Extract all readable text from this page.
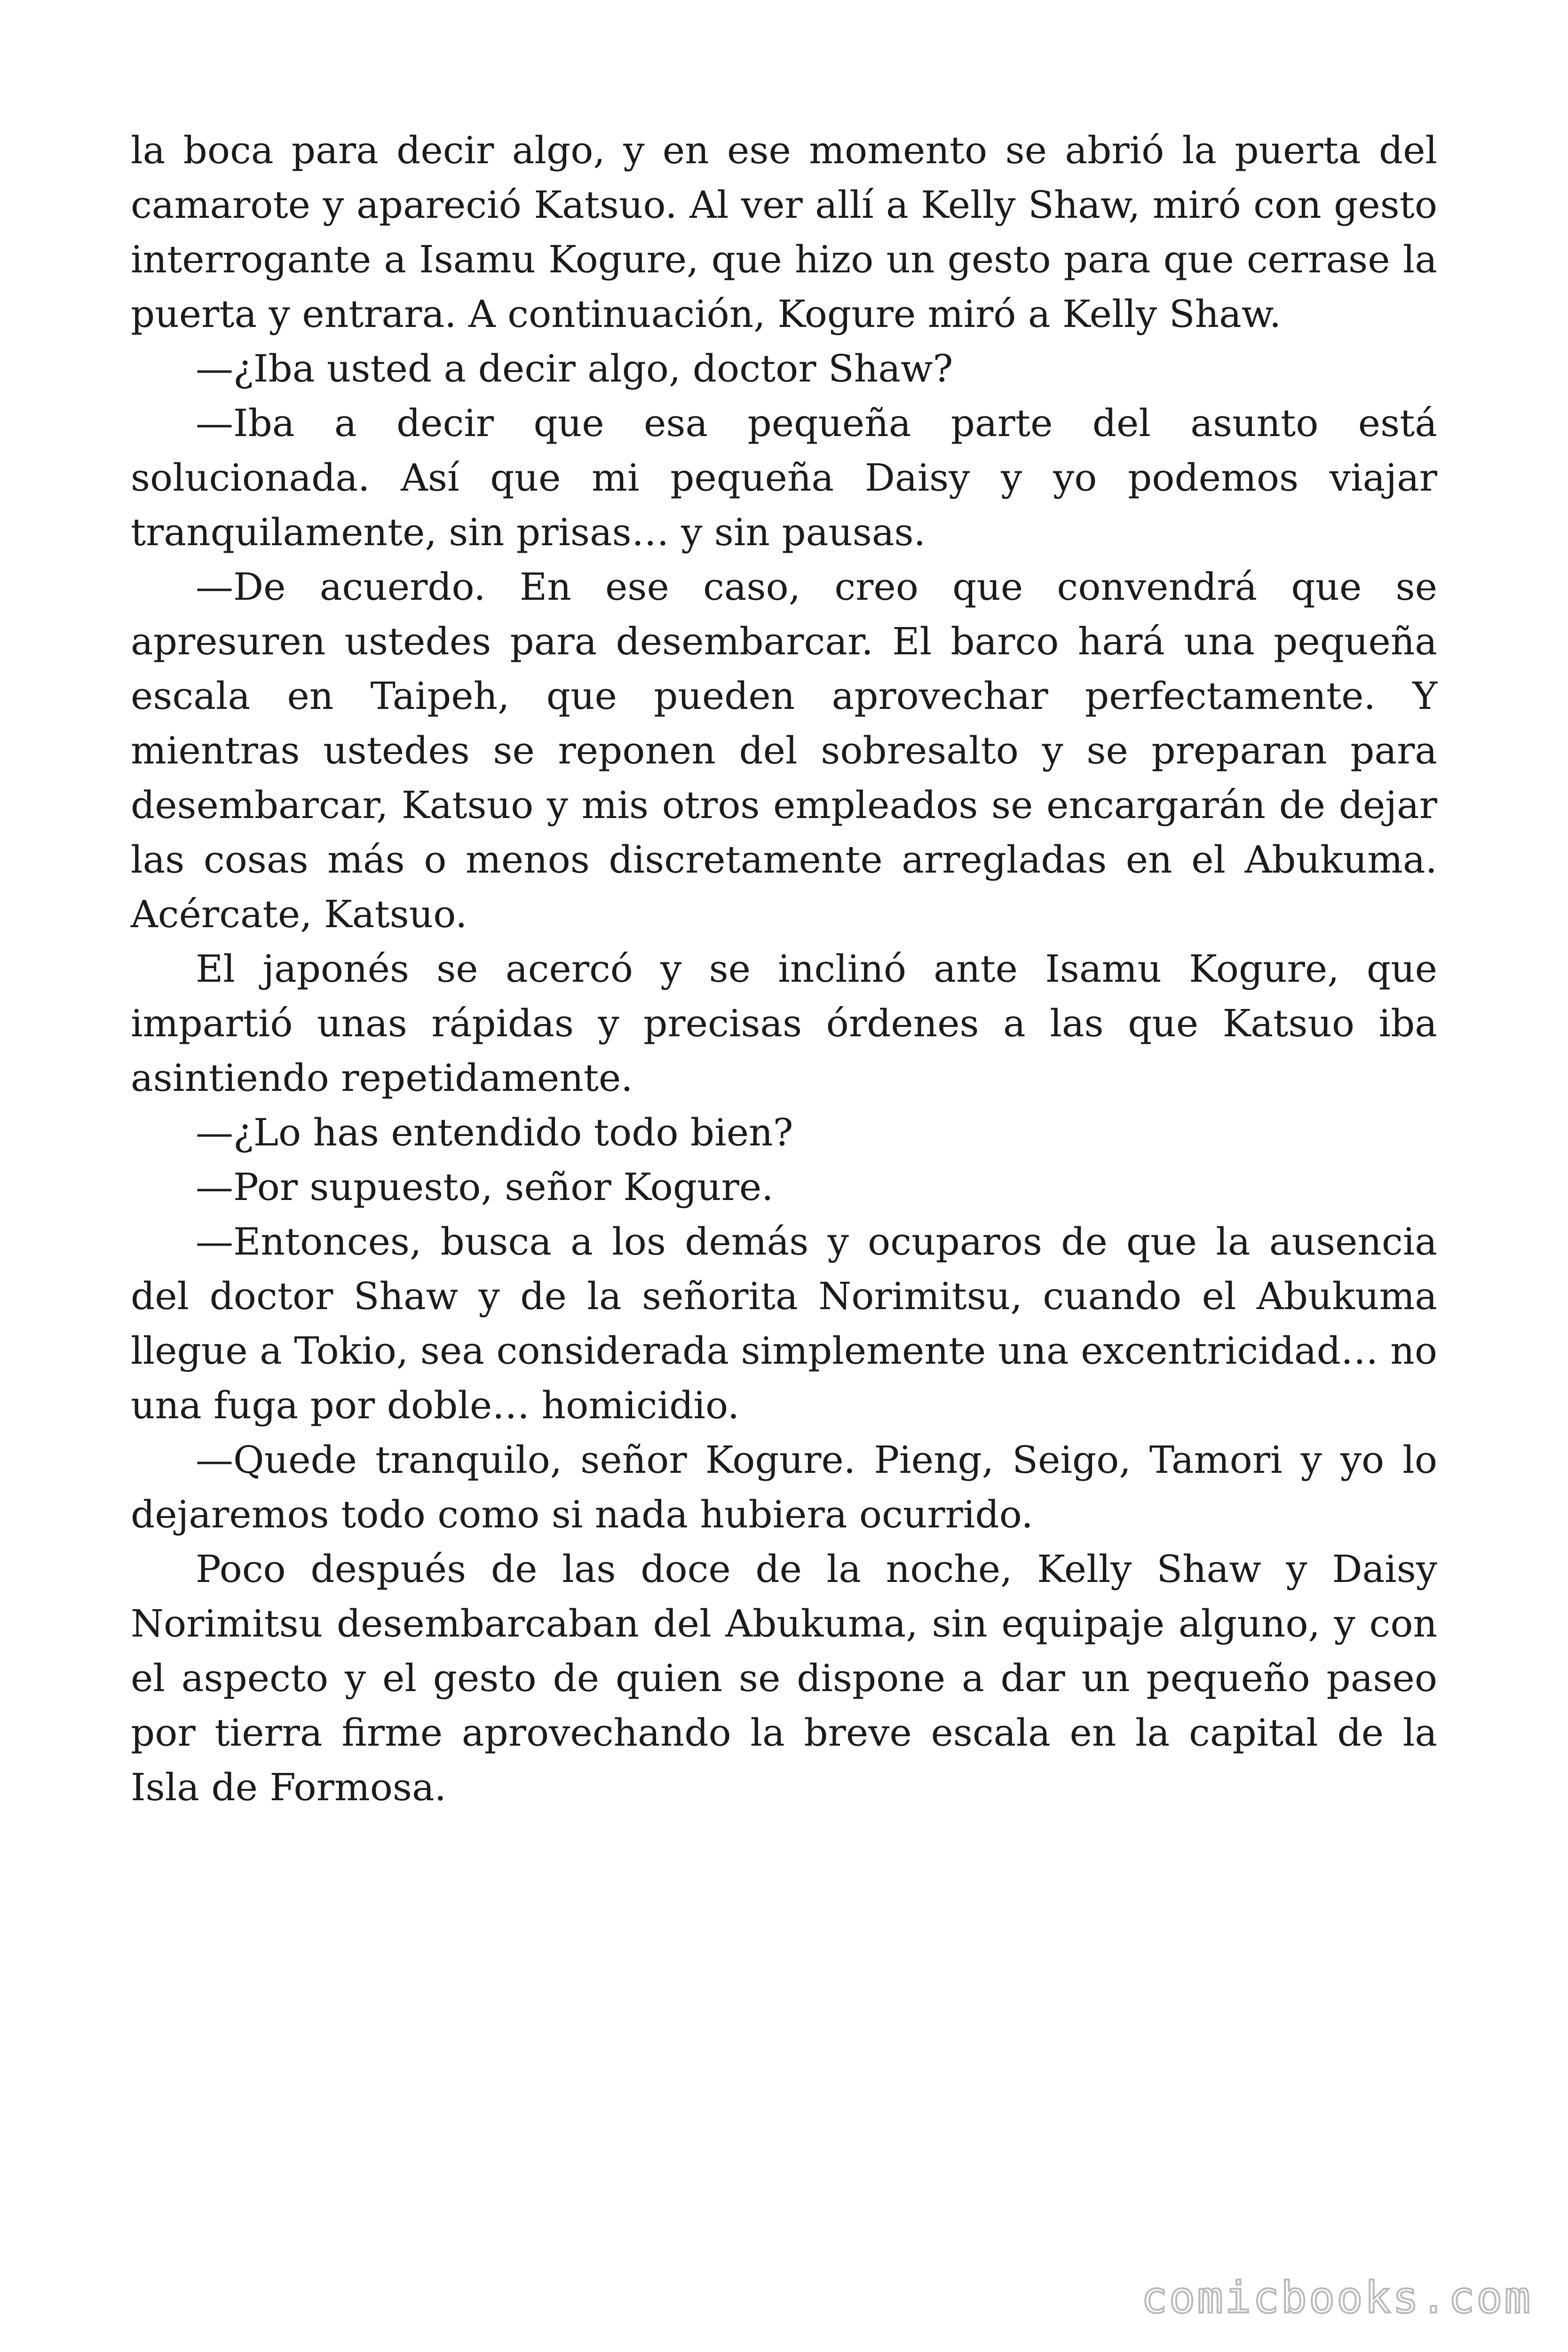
la boca para decir algo, y en ese momento se abrió la puerta del camarote y apareció Katsuo. Al ver allí a Kelly Shaw, miró con gesto interrogante a Isamu Kogure, que hizo un gesto para que cerrase la puerta y entrara. A continuación, Kogure miró a Kelly Shaw.

—¿Iba usted a decir algo, doctor Shaw?

—Iba a decir que esa pequeña parte del asunto está solucionada. Así que mi pequeña Daisy y yo podemos viajar tranquilamente, sin prisas… y sin pausas.

—De acuerdo. En ese caso, creo que convendrá que se apresuren ustedes para desembarcar. El barco hará una pequeña escala en Taipeh, que pueden aprovechar perfectamente. Y mientras ustedes se reponen del sobresalto y se preparan para desembarcar, Katsuo y mis otros empleados se encargarán de dejar las cosas más o menos discretamente arregladas en el Abukuma. Acércate, Katsuo.

El japonés se acercó y se inclinó ante Isamu Kogure, que impartió unas rápidas y precisas órdenes a las que Katsuo iba asintiendo repetidamente.

—¿Lo has entendido todo bien?

—Por supuesto, señor Kogure.

—Entonces, busca a los demás y ocuparos de que la ausencia del doctor Shaw y de la señorita Norimitsu, cuando el Abukuma llegue a Tokio, sea considerada simplemente una excentricidad… no una fuga por doble… homicidio.

—Quede tranquilo, señor Kogure. Pieng, Seigo, Tamori y yo lo dejaremos todo como si nada hubiera ocurrido.

Poco después de las doce de la noche, Kelly Shaw y Daisy Norimitsu desembarcaban del Abukuma, sin equipaje alguno, y con el aspecto y el gesto de quien se dispone a dar un pequeño paseo por tierra firme aprovechando la breve escala en la capital de la Isla de Formosa.

comicbooks.com
